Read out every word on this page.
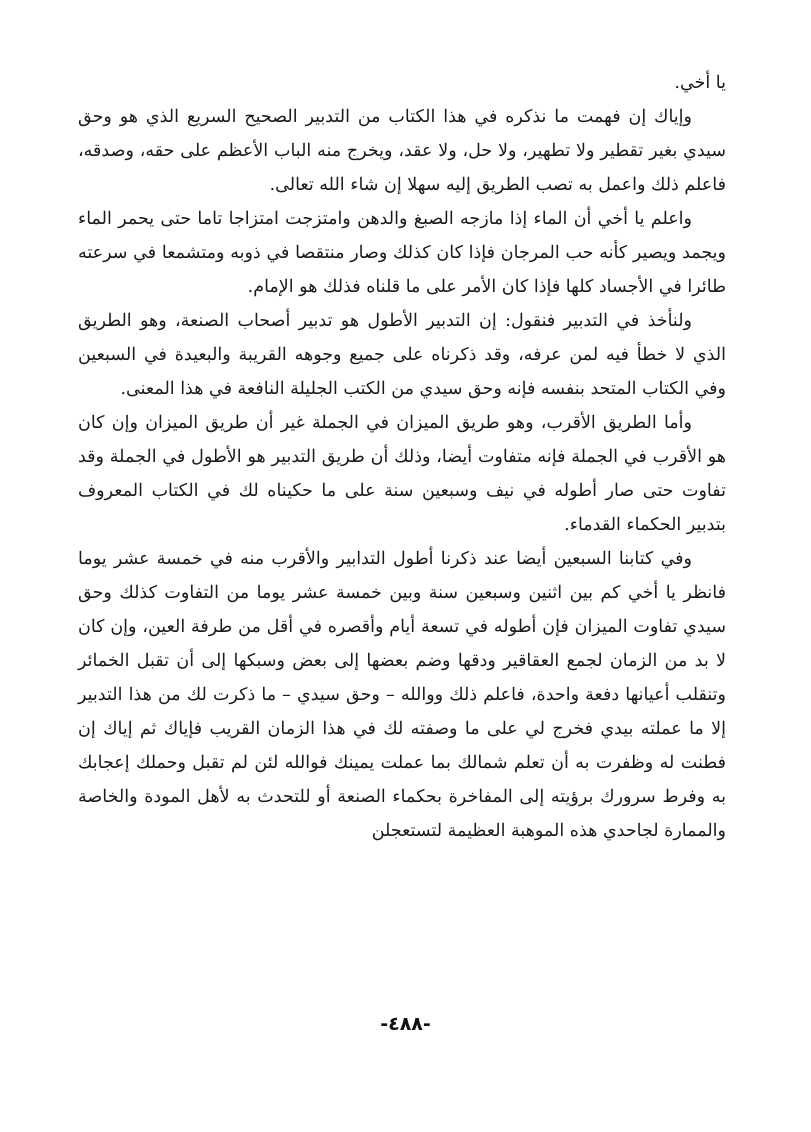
يا أخي.

وإياك إن فهمت ما نذكره في هذا الكتاب من التدبير الصحيح السريع الذي هو وحق سيدي بغير تقطير ولا تطهير، ولا حل، ولا عقد، ويخرج منه الباب الأعظم على حقه، وصدقه، فاعلم ذلك واعمل به تصب الطريق إليه سهلا إن شاء الله تعالى.

واعلم يا أخي أن الماء إذا مازجه الصبغ والدهن وامتزجت امتزاجا تاما حتى يحمر الماء ويجمد ويصير كأنه حب المرجان فإذا كان كذلك وصار منتقصا في ذوبه ومتشمعا في سرعته طائرا في الأجساد كلها فإذا كان الأمر على ما قلناه فذلك هو الإمام.

ولنأخذ في التدبير فنقول: إن التدبير الأطول هو تدبير أصحاب الصنعة، وهو الطريق الذي لا خطأ فيه لمن عرفه، وقد ذكرناه على جميع وجوهه القريبة والبعيدة في السبعين وفي الكتاب المتحد بنفسه فإنه وحق سيدي من الكتب الجليلة النافعة في هذا المعنى.

وأما الطريق الأقرب، وهو طريق الميزان في الجملة غير أن طريق الميزان وإن كان هو الأقرب في الجملة فإنه متفاوت أيضا، وذلك أن طريق التدبير هو الأطول في الجملة وقد تفاوت حتى صار أطوله في نيف وسبعين سنة على ما حكيناه لك في الكتاب المعروف بتدبير الحكماء القدماء.

وفي كتابنا السبعين أيضا عند ذكرنا أطول التدابير والأقرب منه في خمسة عشر يوما فانظر يا أخي كم بين اثنين وسبعين سنة وبين خمسة عشر يوما من التفاوت كذلك وحق سيدي تفاوت الميزان فإن أطوله في تسعة أيام وأقصره في أقل من طرفة العين، وإن كان لا بد من الزمان لجمع العقاقير ودقها وضم بعضها إلى بعض وسبكها إلى أن تقبل الخمائر وتنقلب أعيانها دفعة واحدة، فاعلم ذلك ووالله – وحق سيدي – ما ذكرت لك من هذا التدبير إلا ما عملته بيدي فخرج لي على ما وصفته لك في هذا الزمان القريب فإياك ثم إياك إن فطنت له وظفرت به أن تعلم شمالك بما عملت يمينك فوالله لئن لم تقبل وحملك إعجابك به وفرط سرورك برؤيته إلى المفاخرة بحكماء الصنعة أو للتحدث به لأهل المودة والخاصة والممارة لجاحدي هذه الموهبة العظيمة لتستعجلن

-٤٨٨-
